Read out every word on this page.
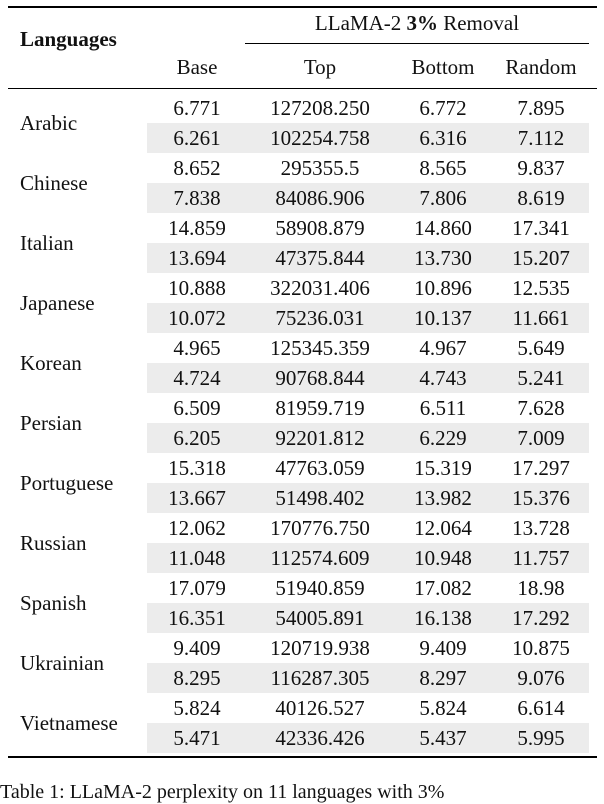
Languages
LLaMA-2 3% Removal
Base	Top	Bottom	Random
Arabic
6.771	127208.250	6.772	7.895
6.261	102254.758	6.316	7.112
Chinese
8.652	295355.5	8.565	9.837
7.838	84086.906	7.806	8.619
Italian
14.859	58908.879	14.860	17.341
13.694	47375.844	13.730	15.207
Japanese
10.888	322031.406	10.896	12.535
10.072	75236.031	10.137	11.661
Korean
4.965	125345.359	4.967	5.649
4.724	90768.844	4.743	5.241
Persian
6.509	81959.719	6.511	7.628
6.205	92201.812	6.229	7.009
Portuguese
15.318	47763.059	15.319	17.297
13.667	51498.402	13.982	15.376
Russian
12.062	170776.750	12.064	13.728
11.048	112574.609	10.948	11.757
Spanish
17.079	51940.859	17.082	18.98
16.351	54005.891	16.138	17.292
Ukrainian
9.409	120719.938	9.409	10.875
8.295	116287.305	8.297	9.076
Vietnamese
5.824	40126.527	5.824	6.614
5.471	42336.426	5.437	5.995
Table 1: LLaMA-2 perplexity on 11 languages with 3%
